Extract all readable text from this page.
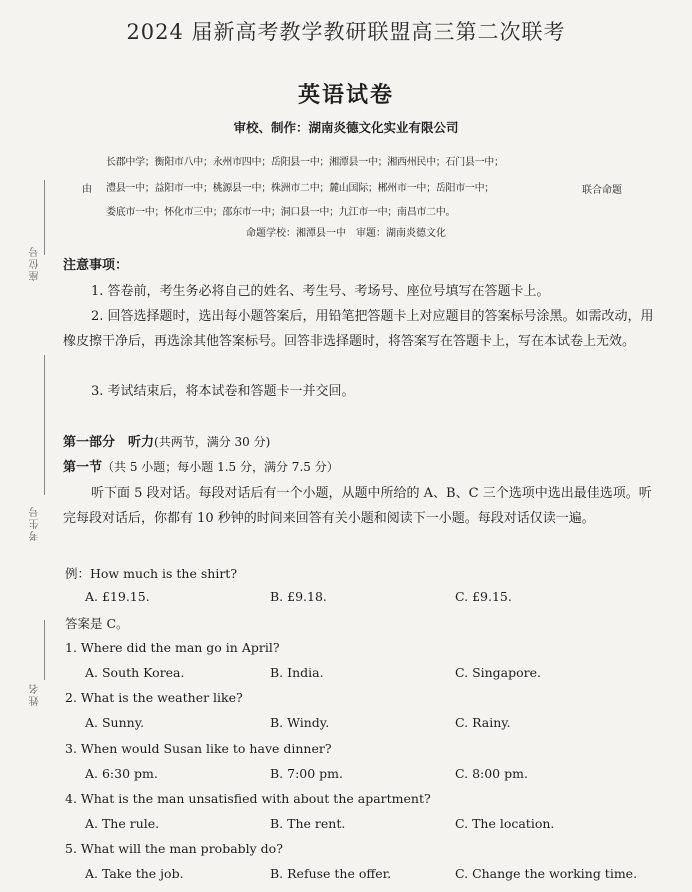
2024 届新高考教学教研联盟高三第二次联考
英语试卷
审校、制作：湖南炎德文化实业有限公司
长郡中学；衡阳市八中；永州市四中；岳阳县一中；湘潭县一中；湘西州民中；石门县一中；
澧县一中；益阳市一中；桃源县一中；株洲市二中；麓山国际；郴州市一中；岳阳市一中；
娄底市一中；怀化市三中；邵东市一中；洞口县一中；九江市一中；南昌市二中。
由	联合命题
命题学校：湘潭县一中　审题：湖南炎德文化
座位号
考生号
姓名
注意事项：
1. 答卷前，考生务必将自己的姓名、考生号、考场号、座位号填写在答题卡上。
2. 回答选择题时，选出每小题答案后，用铅笔把答题卡上对应题目的答案标号涂黑。如需改动，用橡皮擦干净后，再选涂其他答案标号。回答非选择题时，将答案写在答题卡上，写在本试卷上无效。
3. 考试结束后，将本试卷和答题卡一并交回。
第一部分　听力(共两节，满分 30 分)
第一节（共 5 小题；每小题 1.5 分，满分 7.5 分）
听下面 5 段对话。每段对话后有一个小题，从题中所给的 A、B、C 三个选项中选出最佳选项。听完每段对话后，你都有 10 秒钟的时间来回答有关小题和阅读下一小题。每段对话仅读一遍。
例：How much is the shirt?
A. £19.15.	B. £9.18.	C. £9.15.
答案是 C。
1. Where did the man go in April?
A. South Korea.	B. India.	C. Singapore.
2. What is the weather like?
A. Sunny.	B. Windy.	C. Rainy.
3. When would Susan like to have dinner?
A. 6:30 pm.	B. 7:00 pm.	C. 8:00 pm.
4. What is the man unsatisfied with about the apartment?
A. The rule.	B. The rent.	C. The location.
5. What will the man probably do?
A. Take the job.	B. Refuse the offer.	C. Change the working time.
